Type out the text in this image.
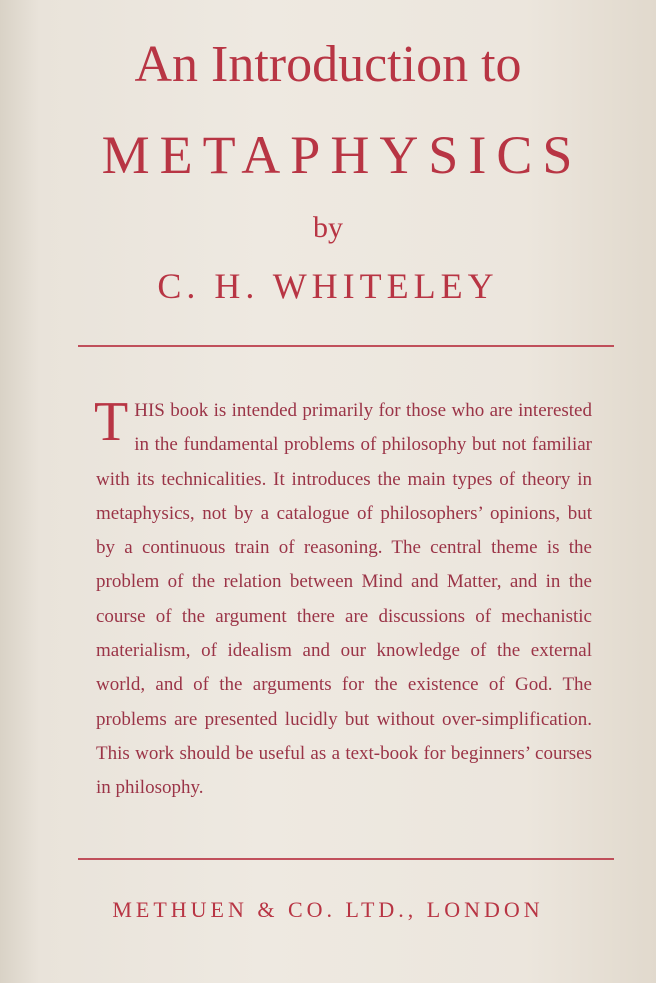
An Introduction to
METAPHYSICS
by
C. H. WHITELEY
THIS book is intended primarily for those who are interested in the fundamental problems of philosophy but not familiar with its technicalities. It introduces the main types of theory in metaphysics, not by a catalogue of philosophers’ opinions, but by a continuous train of reasoning. The central theme is the problem of the relation between Mind and Matter, and in the course of the argument there are discussions of mechanistic materialism, of idealism and our knowledge of the external world, and of the arguments for the existence of God. The problems are presented lucidly but without over-simplification. This work should be useful as a text-book for beginners’ courses in philosophy.
METHUEN & CO. LTD., LONDON
